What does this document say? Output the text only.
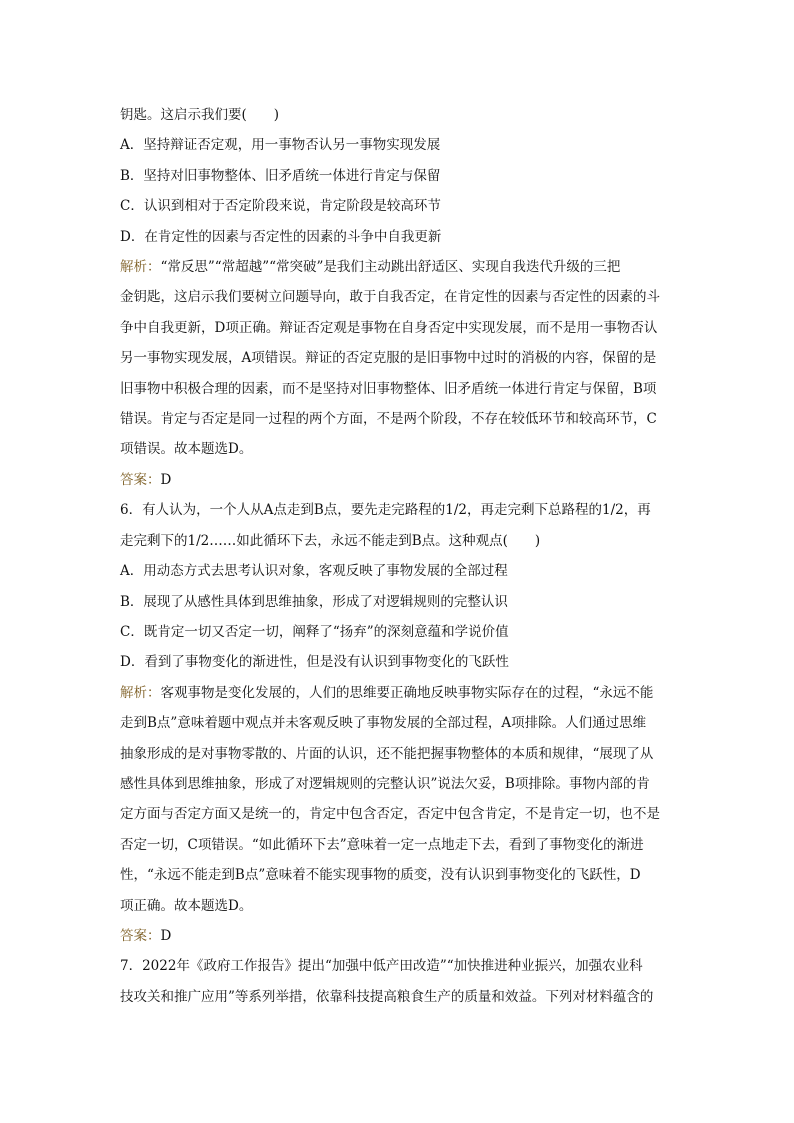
钥匙。这启示我们要(　　)
A．坚持辩证否定观，用一事物否认另一事物实现发展
B．坚持对旧事物整体、旧矛盾统一体进行肯定与保留
C．认识到相对于否定阶段来说，肯定阶段是较高环节
D．在肯定性的因素与否定性的因素的斗争中自我更新
解析：“常反思”“常超越”“常突破”是我们主动跳出舒适区、实现自我迭代升级的三把
金钥匙，这启示我们要树立问题导向，敢于自我否定，在肯定性的因素与否定性的因素的斗
争中自我更新，D项正确。辩证否定观是事物在自身否定中实现发展，而不是用一事物否认
另一事物实现发展，A项错误。辩证的否定克服的是旧事物中过时的消极的内容，保留的是
旧事物中积极合理的因素，而不是坚持对旧事物整体、旧矛盾统一体进行肯定与保留，B项
错误。肯定与否定是同一过程的两个方面，不是两个阶段，不存在较低环节和较高环节，C
项错误。故本题选D。
答案：D
6．有人认为，一个人从A点走到B点，要先走完路程的1/2，再走完剩下总路程的1/2，再
走完剩下的1/2……如此循环下去，永远不能走到B点。这种观点(　　)
A．用动态方式去思考认识对象，客观反映了事物发展的全部过程
B．展现了从感性具体到思维抽象，形成了对逻辑规则的完整认识
C．既肯定一切又否定一切，阐释了“扬弃”的深刻意蕴和学说价值
D．看到了事物变化的渐进性，但是没有认识到事物变化的飞跃性
解析：客观事物是变化发展的，人们的思维要正确地反映事物实际存在的过程，“永远不能
走到B点”意味着题中观点并未客观反映了事物发展的全部过程，A项排除。人们通过思维
抽象形成的是对事物零散的、片面的认识，还不能把握事物整体的本质和规律，“展现了从
感性具体到思维抽象，形成了对逻辑规则的完整认识”说法欠妥，B项排除。事物内部的肯
定方面与否定方面又是统一的，肯定中包含否定，否定中包含肯定，不是肯定一切，也不是
否定一切，C项错误。“如此循环下去”意味着一定一点地走下去，看到了事物变化的渐进
性，“永远不能走到B点”意味着不能实现事物的质变，没有认识到事物变化的飞跃性，D
项正确。故本题选D。
答案：D
7．2022年《政府工作报告》提出“加强中低产田改造”“加快推进种业振兴，加强农业科
技攻关和推广应用”等系列举措，依靠科技提高粮食生产的质量和效益。下列对材料蕴含的
